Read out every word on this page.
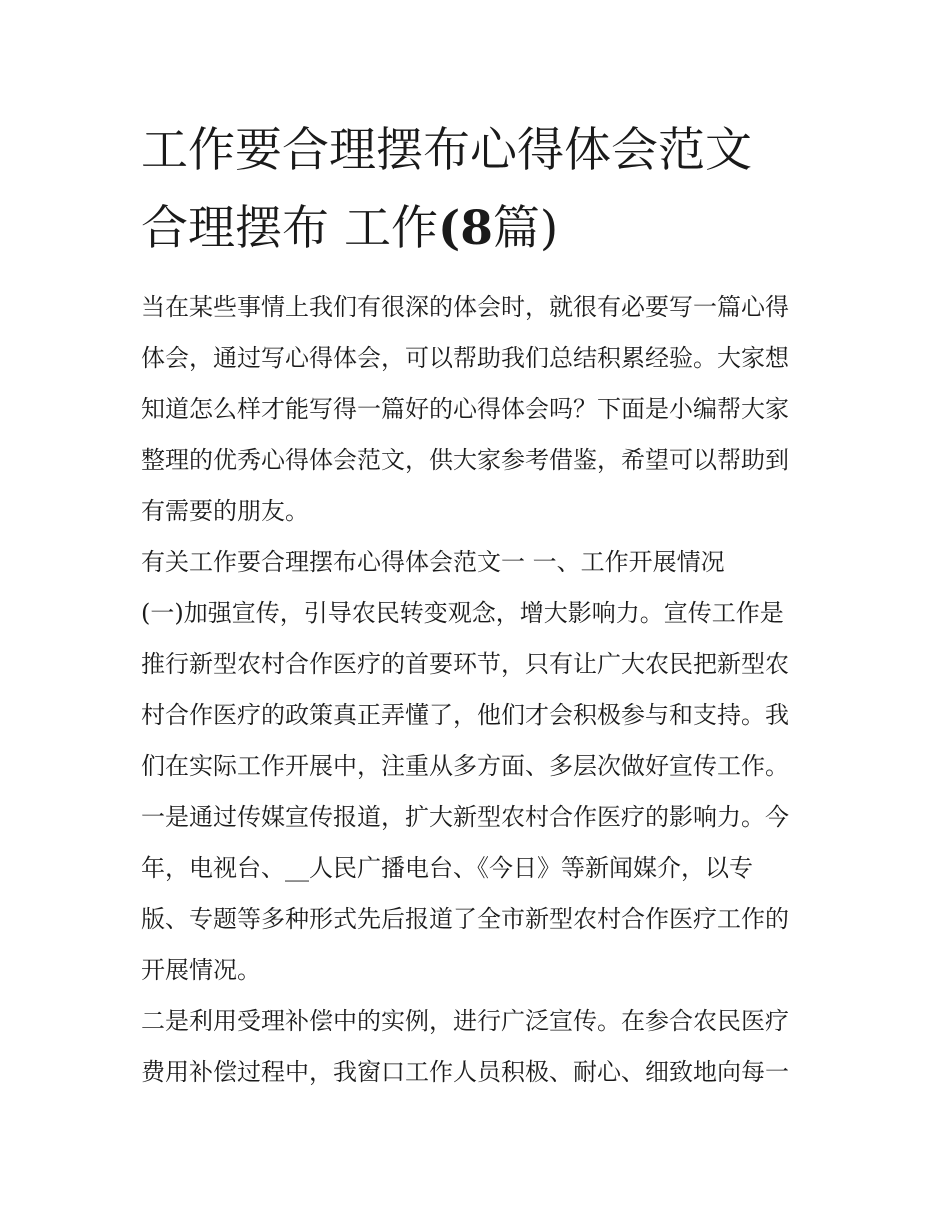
工作要合理摆布心得体会范文
合理摆布 工作(8篇)

当在某些事情上我们有很深的体会时，就很有必要写一篇心得
体会，通过写心得体会，可以帮助我们总结积累经验。大家想
知道怎么样才能写得一篇好的心得体会吗？下面是小编帮大家
整理的优秀心得体会范文，供大家参考借鉴，希望可以帮助到
有需要的朋友。

有关工作要合理摆布心得体会范文一 一、工作开展情况

(一)加强宣传，引导农民转变观念，增大影响力。宣传工作是
推行新型农村合作医疗的首要环节，只有让广大农民把新型农
村合作医疗的政策真正弄懂了，他们才会积极参与和支持。我
们在实际工作开展中，注重从多方面、多层次做好宣传工作。
一是通过传媒宣传报道，扩大新型农村合作医疗的影响力。今
年，电视台、__人民广播电台、《今日》等新闻媒介，以专
版、专题等多种形式先后报道了全市新型农村合作医疗工作的
开展情况。

二是利用受理补偿中的实例，进行广泛宣传。在参合农民医疗
费用补偿过程中，我窗口工作人员积极、耐心、细致地向每一
